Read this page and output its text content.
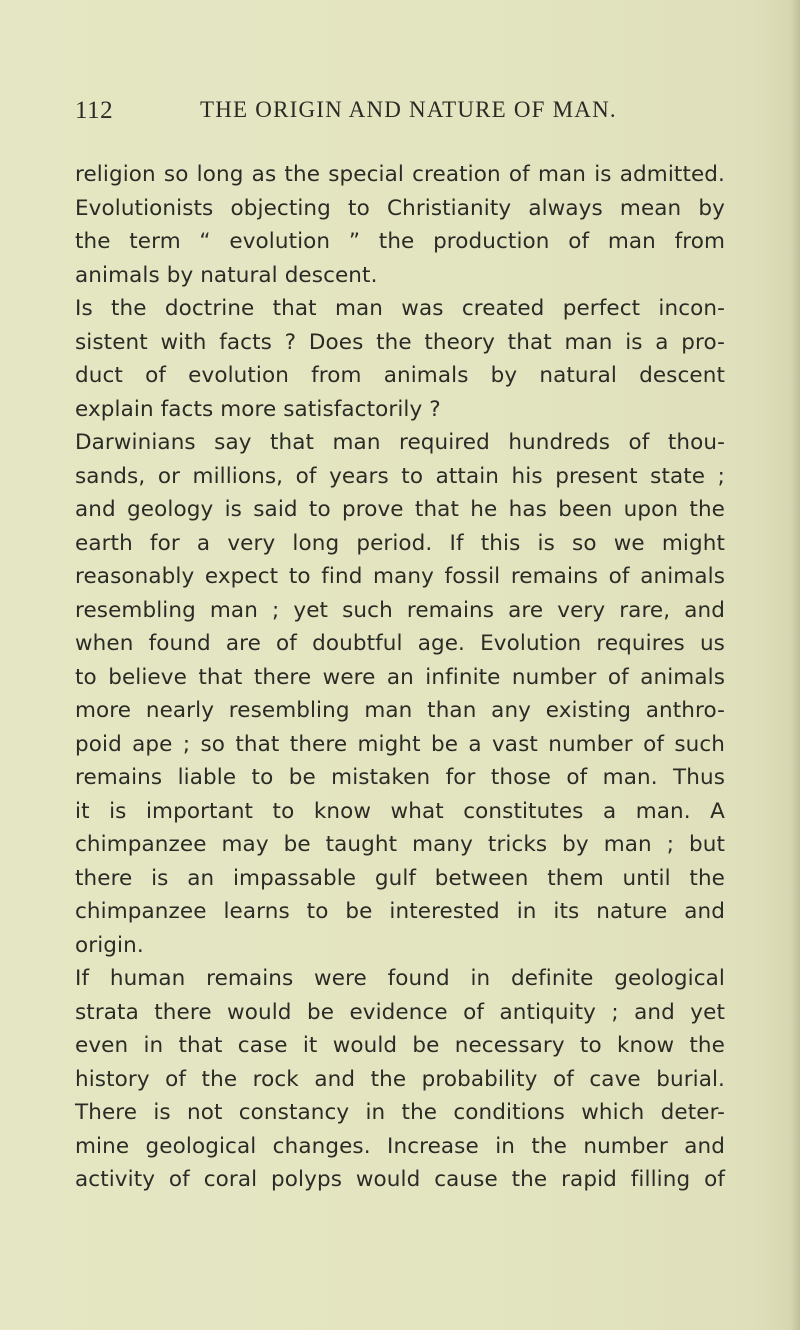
112	THE ORIGIN AND NATURE OF MAN.
religion so long as the special creation of man is admitted.
Evolutionists objecting to Christianity always mean by
the term “ evolution ” the production of man from
animals by natural descent.
Is the doctrine that man was created perfect incon-
sistent with facts ? Does the theory that man is a pro-
duct of evolution from animals by natural descent
explain facts more satisfactorily ?
Darwinians say that man required hundreds of thou-
sands, or millions, of years to attain his present state ;
and geology is said to prove that he has been upon the
earth for a very long period. If this is so we might
reasonably expect to find many fossil remains of animals
resembling man ; yet such remains are very rare, and
when found are of doubtful age. Evolution requires us
to believe that there were an infinite number of animals
more nearly resembling man than any existing anthro-
poid ape ; so that there might be a vast number of such
remains liable to be mistaken for those of man. Thus
it is important to know what constitutes a man. A
chimpanzee may be taught many tricks by man ; but
there is an impassable gulf between them until the
chimpanzee learns to be interested in its nature and
origin.
If human remains were found in definite geological
strata there would be evidence of antiquity ; and yet
even in that case it would be necessary to know the
history of the rock and the probability of cave burial.
There is not constancy in the conditions which deter-
mine geological changes. Increase in the number and
activity of coral polyps would cause the rapid filling of
